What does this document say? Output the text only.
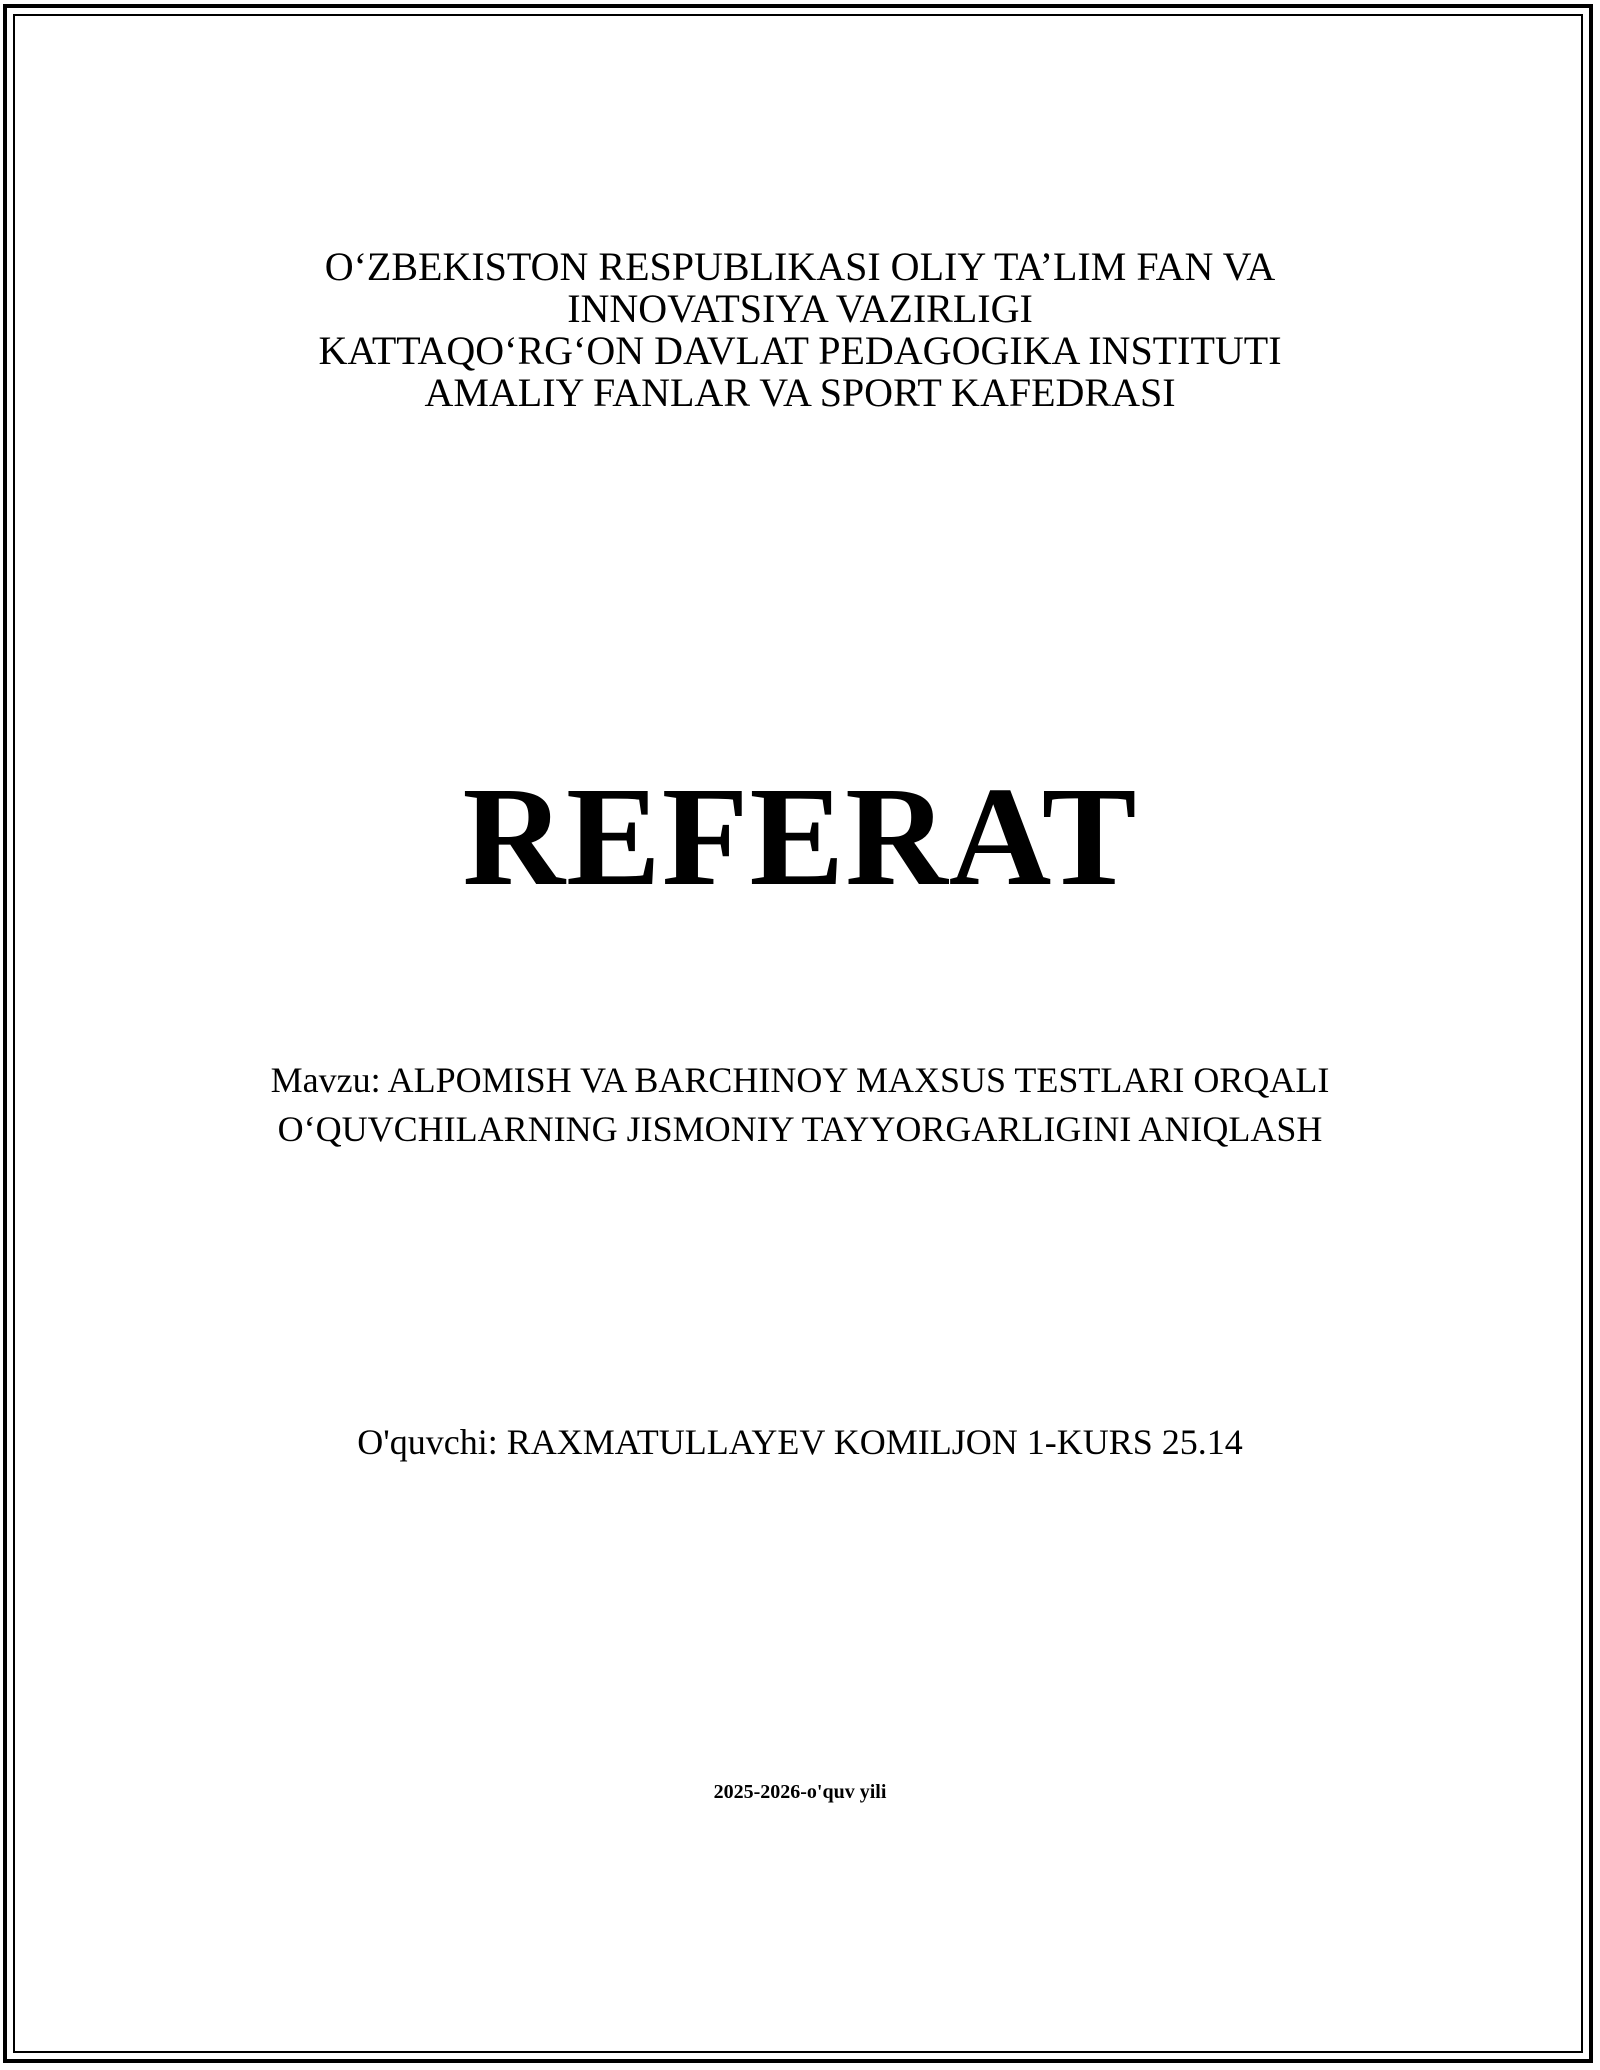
O‘ZBEKISTON RESPUBLIKASI OLIY TA’LIM FAN VA
INNOVATSIYA VAZIRLIGI
KATTAQO‘RG‘ON DAVLAT PEDAGOGIKA INSTITUTI
AMALIY FANLAR VA SPORT KAFEDRASI
REFERAT
Mavzu: ALPOMISH VA BARCHINOY MAXSUS TESTLARI ORQALI
O‘QUVCHILARNING JISMONIY TAYYORGARLIGINI ANIQLASH
O'quvchi: RAXMATULLAYEV KOMILJON 1-KURS 25.14
2025-2026-o'quv yili
